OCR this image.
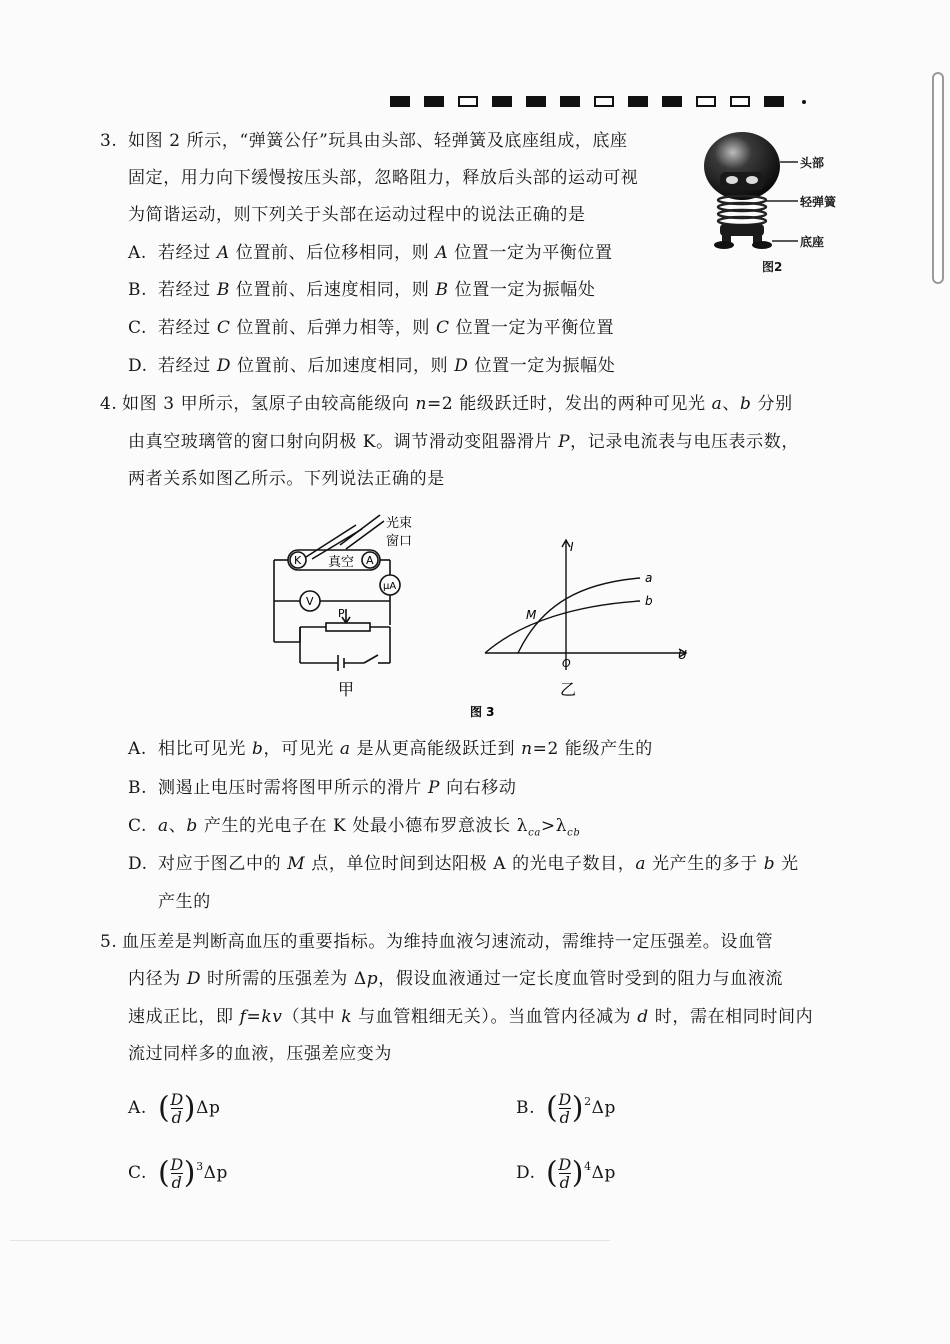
3. 如图 2 所示，“弹簧公仔”玩具由头部、轻弹簧及底座组成，底座
固定，用力向下缓慢按压头部，忽略阻力，释放后头部的运动可视
为简谐运动，则下列关于头部在运动过程中的说法正确的是
A. 若经过 A 位置前、后位移相同，则 A 位置一定为平衡位置
B. 若经过 B 位置前、后速度相同，则 B 位置一定为振幅处
C. 若经过 C 位置前、后弹力相等，则 C 位置一定为平衡位置
D. 若经过 D 位置前、后加速度相同，则 D 位置一定为振幅处
头部
轻弹簧
底座
图2
4. 如图 3 甲所示，氢原子由较高能级向 n=2 能级跃迁时，发出的两种可见光 a、b 分别
由真空玻璃管的窗口射向阴极 K。调节滑动变阻器滑片 P，记录电流表与电压表示数，
两者关系如图乙所示。下列说法正确的是
光束
窗口
K 真空 A
μA
V
P
甲
I
U
O
M
a
b
乙
图 3
A. 相比可见光 b，可见光 a 是从更高能级跃迁到 n=2 能级产生的
B. 测遏止电压时需将图甲所示的滑片 P 向右移动
C. a、b 产生的光电子在 K 处最小德布罗意波长 $\lambda_{ca}>\lambda_{cb}$
D. 对应于图乙中的 M 点，单位时间到达阳极 A 的光电子数目，a 光产生的多于 b 光
产生的
5. 血压差是判断高血压的重要指标。为维持血液匀速流动，需维持一定压强差。设血管
内径为 D 时所需的压强差为 Δp，假设血液通过一定长度血管时受到的阻力与血液流
速成正比，即 f=kv（其中 k 与血管粗细无关）。当血管内径减为 d 时，需在相同时间内
流过同样多的血液，压强差应变为
A. ( $\frac{D}{d} )\Delta p$	B. ( $\frac{D}{d} )^2\Delta p$
C. ( $\frac{D}{d} )^3\Delta p$	D. ( $\frac{D}{d} )^4\Delta p$
